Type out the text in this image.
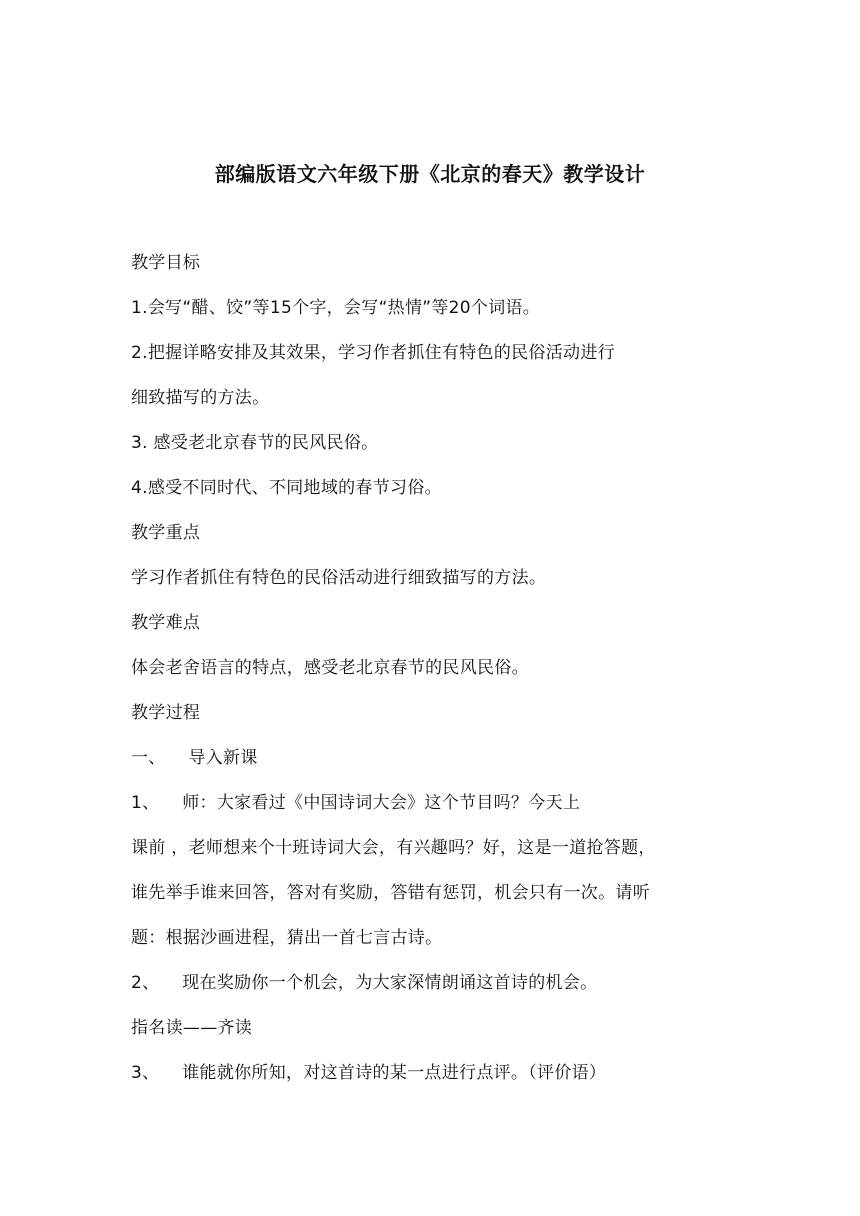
部编版语文六年级下册《北京的春天》教学设计
教学目标
1.会写“醋、饺”等15个字，会写“热情”等20个词语。
2.把握详略安排及其效果，学习作者抓住有特色的民俗活动进行
细致描写的方法。
3. 感受老北京春节的民风民俗。
4.感受不同时代、不同地域的春节习俗。
教学重点
学习作者抓住有特色的民俗活动进行细致描写的方法。
教学难点
体会老舍语言的特点，感受老北京春节的民风民俗。
教学过程
一、    导入新课
1、    师：大家看过《中国诗词大会》这个节目吗？今天上
课前 ，老师想来个十班诗词大会，有兴趣吗？好，这是一道抢答题，
谁先举手谁来回答，答对有奖励，答错有惩罚，机会只有一次。请听
题：根据沙画进程，猜出一首七言古诗。
2、    现在奖励你一个机会，为大家深情朗诵这首诗的机会。
指名读——齐读
3、    谁能就你所知，对这首诗的某一点进行点评。（评价语）
